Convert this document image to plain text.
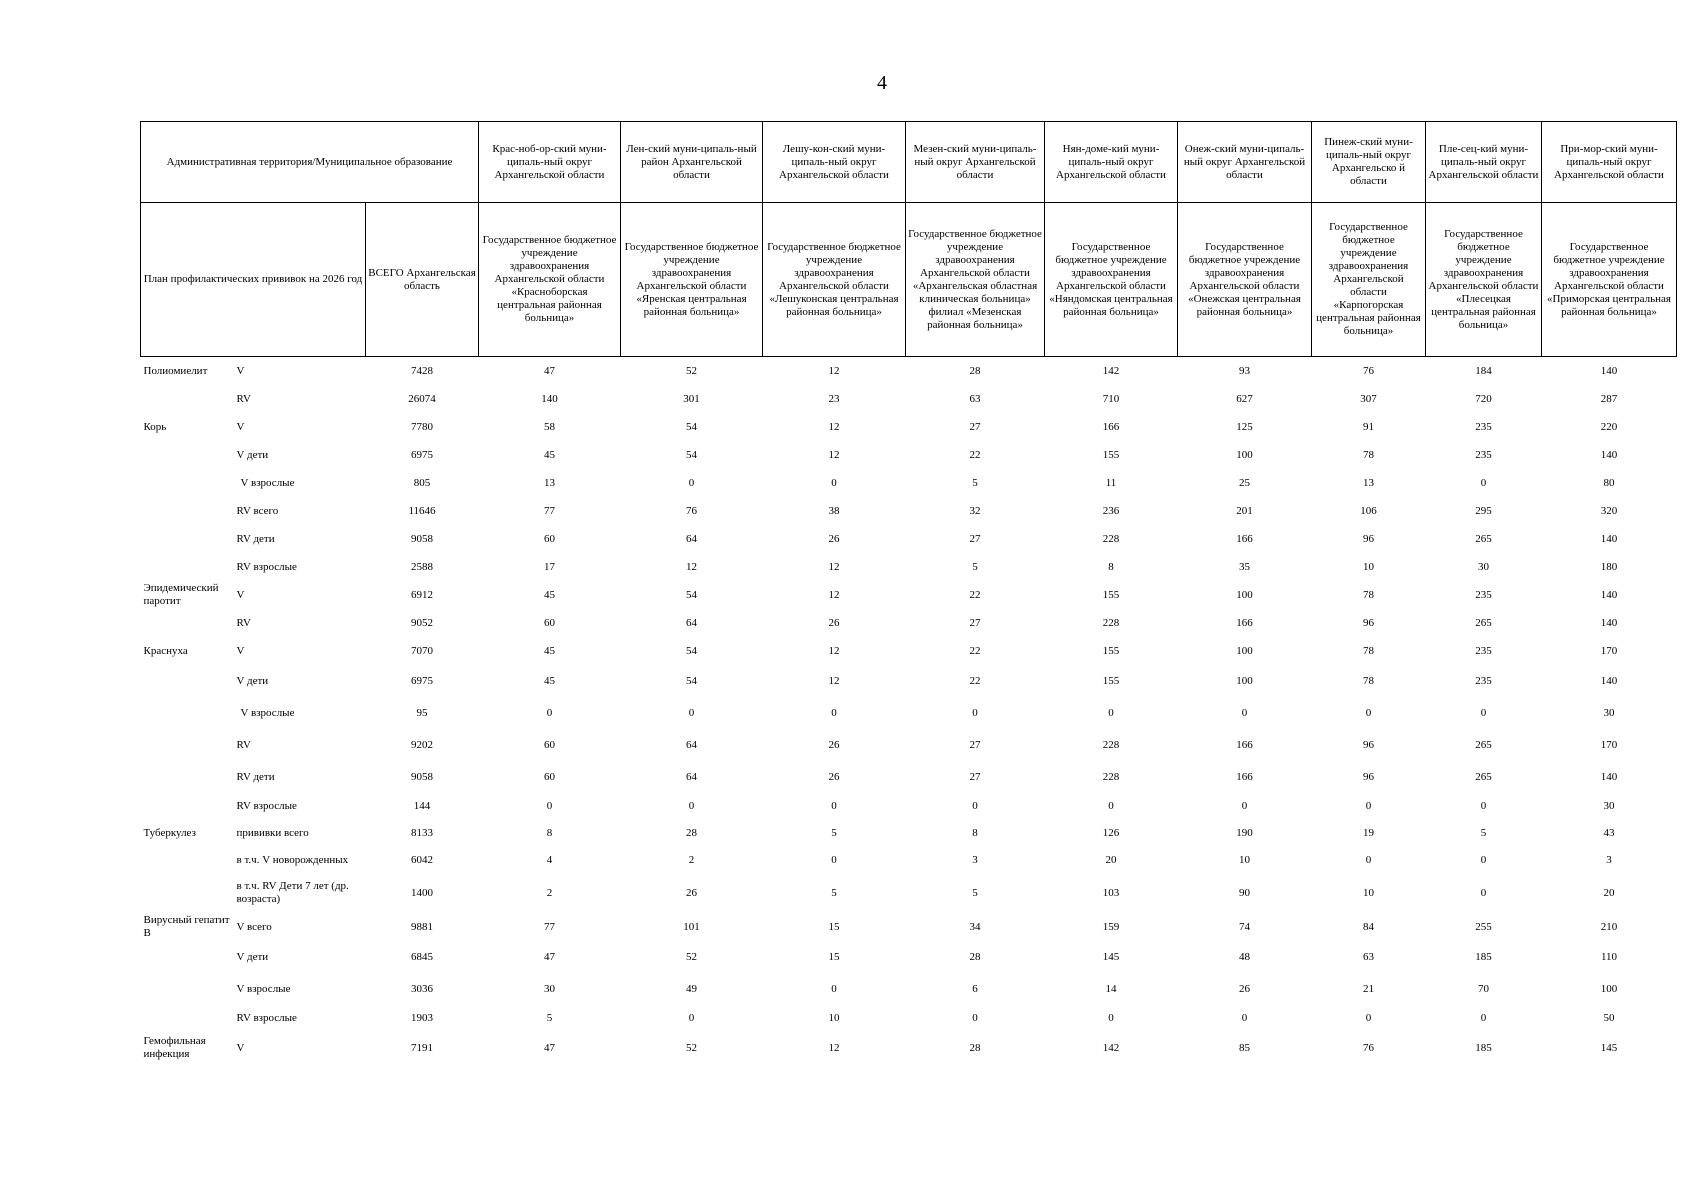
4
Административная территория/Муниципальное образование			Крас-ноб-ор-ский муни-ципаль-ный округ Архангельской области	Лен-ский муни-ципаль-ный район Архангельской области	Лешу-кон-ский муни-ципаль-ный округ Архангельской области	Мезен-ский муни-ципаль-ный округ Архангельской области	Нян-доме-кий муни-ципаль-ный округ Архангельской области	Онеж-ский муни-ципаль-ный округ Архангельской области	Пинеж-ский муни-ципаль-ный округ Архангельско й области	Пле-сец-кий муни-ципаль-ный округ Архангельской области	При-мор-ский муни-ципаль-ный округ Архангельской области
План профилактических прививок на 2026 год		ВСЕГО Архангельская область	Государственное бюджетное учреждение здравоохранения Архангельской области «Красноборская центральная районная больница»	Государственное бюджетное учреждение здравоохранения Архангельской области «Яренская центральная районная больница»	Государственное бюджетное учреждение здравоохранения Архангельской области «Лешуконская центральная районная больница»	Государственное бюджетное учреждение здравоохранения Архангельской области «Архангельская областная клиническая больница» филиал «Мезенская районная больница»	Государственное бюджетное учреждение здравоохранения Архангельской области «Няндомская центральная районная больница»	Государственное бюджетное учреждение здравоохранения Архангельской области «Онежская центральная районная больница»	Государственное бюджетное учреждение здравоохранения Архангельской области «Карпогорская центральная районная больница»	Государственное бюджетное учреждение здравоохранения Архангельской области «Плесецкая центральная районная больница»	Государственное бюджетное учреждение здравоохранения Архангельской области «Приморская центральная районная больница»
Полиомиелит	V	7428	47	52	12	28	142	93	76	184	140
	RV	26074	140	301	23	63	710	627	307	720	287
Корь	V	7780	58	54	12	27	166	125	91	235	220
	V дети	6975	45	54	12	22	155	100	78	235	140
	V взрослые	805	13	0	0	5	11	25	13	0	80
	RV всего	11646	77	76	38	32	236	201	106	295	320
	RV дети	9058	60	64	26	27	228	166	96	265	140
	RV взрослые	2588	17	12	12	5	8	35	10	30	180
Эпидемический паротит	V	6912	45	54	12	22	155	100	78	235	140
	RV	9052	60	64	26	27	228	166	96	265	140
Краснуха	V	7070	45	54	12	22	155	100	78	235	170
	V дети	6975	45	54	12	22	155	100	78	235	140
	V взрослые	95	0	0	0	0	0	0	0	0	30
	RV	9202	60	64	26	27	228	166	96	265	170
	RV дети	9058	60	64	26	27	228	166	96	265	140
	RV взрослые	144	0	0	0	0	0	0	0	0	30
Туберкулез	прививки всего	8133	8	28	5	8	126	190	19	5	43
	в т.ч. V новорожденных	6042	4	2	0	3	20	10	0	0	3
	в т.ч. RV Дети 7 лет (др. возраста)	1400	2	26	5	5	103	90	10	0	20
Вирусный гепатит В	V всего	9881	77	101	15	34	159	74	84	255	210
	V дети	6845	47	52	15	28	145	48	63	185	110
	V взрослые	3036	30	49	0	6	14	26	21	70	100
	RV взрослые	1903	5	0	10	0	0	0	0	0	50
Гемофильная инфекция	V	7191	47	52	12	28	142	85	76	185	145
